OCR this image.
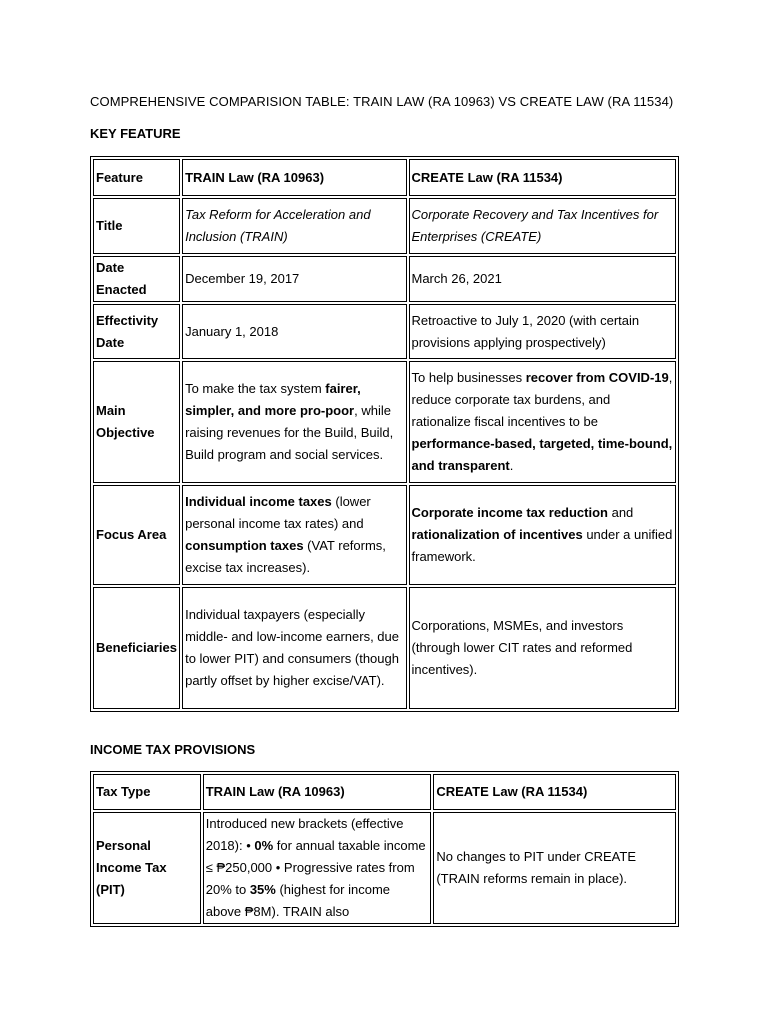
COMPREHENSIVE COMPARISION TABLE: TRAIN LAW (RA 10963) VS CREATE LAW (RA 11534)
KEY FEATURE
Feature	TRAIN Law (RA 10963)	CREATE Law (RA 11534)
Title	Tax Reform for Acceleration and Inclusion (TRAIN)	Corporate Recovery and Tax Incentives for Enterprises (CREATE)
Date Enacted	December 19, 2017	March 26, 2021
Effectivity Date	January 1, 2018	Retroactive to July 1, 2020 (with certain provisions applying prospectively)
Main Objective	To make the tax system fairer, simpler, and more pro-poor, while raising revenues for the Build, Build, Build program and social services.	To help businesses recover from COVID-19, reduce corporate tax burdens, and rationalize fiscal incentives to be performance-based, targeted, time-bound, and transparent.
Focus Area	Individual income taxes (lower personal income tax rates) and consumption taxes (VAT reforms, excise tax increases).	Corporate income tax reduction and rationalization of incentives under a unified framework.
Beneficiaries	Individual taxpayers (especially middle- and low-income earners, due to lower PIT) and consumers (though partly offset by higher excise/VAT).	Corporations, MSMEs, and investors (through lower CIT rates and reformed incentives).
INCOME TAX PROVISIONS
Tax Type	TRAIN Law (RA 10963)	CREATE Law (RA 11534)
Personal Income Tax (PIT)	Introduced new brackets (effective 2018): • 0% for annual taxable income ≤ ₱250,000 • Progressive rates from 20% to 35% (highest for income above ₱8M). TRAIN also	No changes to PIT under CREATE (TRAIN reforms remain in place).
